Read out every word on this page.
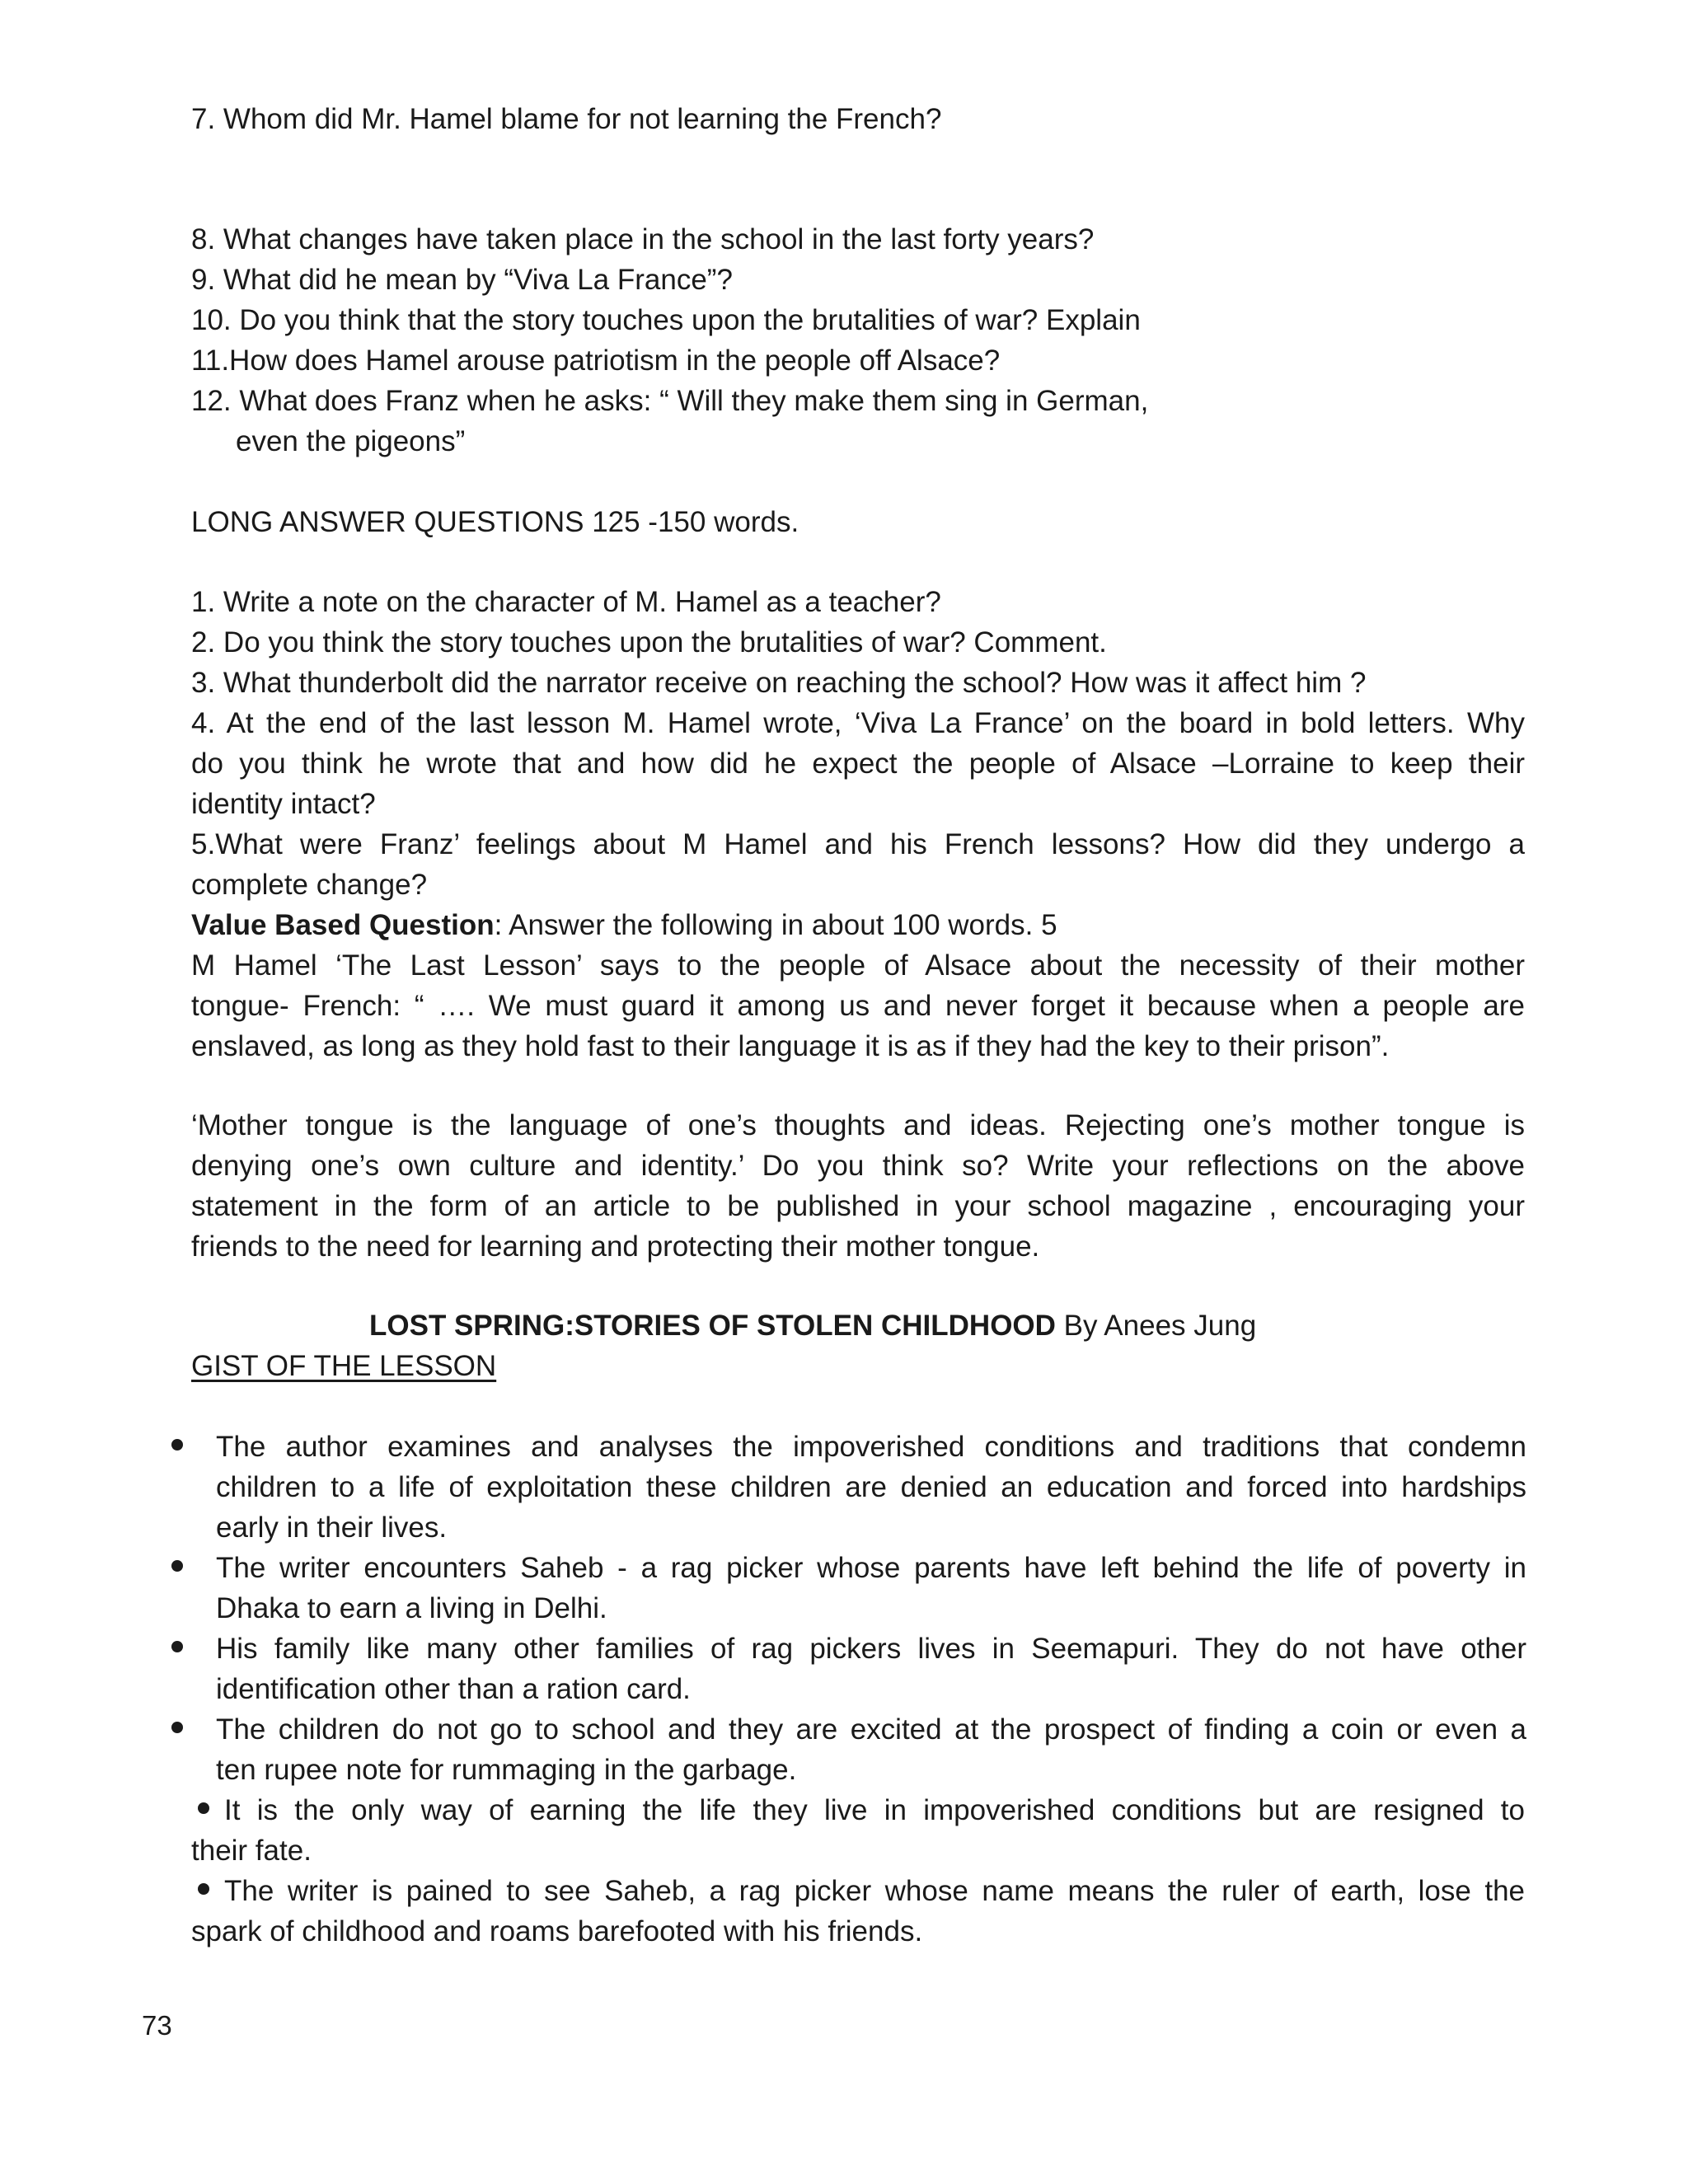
7. Whom did Mr. Hamel blame for not learning the French?
8. What changes have taken place in the school in the last forty years?
9. What did he mean by “Viva La France”?
10. Do you think that the story touches upon the brutalities of war? Explain
11.How does Hamel arouse patriotism in the people off Alsace?
12. What does Franz when he asks: “ Will they make them sing in German,
even the pigeons”
LONG ANSWER QUESTIONS 125 -150 words.
1. Write a note on the character of M. Hamel as a teacher?
2. Do you think the story touches upon the brutalities of war? Comment.
3. What thunderbolt did the narrator receive on reaching the school? How was it affect him ?
4. At the end of the last lesson M. Hamel wrote, ‘Viva La France’ on the board in bold letters. Why
do you think he wrote that and how did he expect the people of Alsace –Lorraine to keep their
identity intact?
5.What were Franz’ feelings about M Hamel and his French lessons? How did they undergo a
complete change?
Value Based Question: Answer the following in about 100 words. 5
M Hamel ‘The Last Lesson’ says to the people of Alsace about the necessity of their mother
tongue- French: “ …. We must guard it among us and never forget it because when a people are
enslaved, as long as they hold fast to their language it is as if they had the key to their prison”.
‘Mother tongue is the language of one’s thoughts and ideas. Rejecting one’s mother tongue is
denying one’s own culture and identity.’ Do you think so? Write your reflections on the above
statement in the form of an article to be published in your school magazine , encouraging your
friends to the need for learning and protecting their mother tongue.
LOST SPRING:STORIES OF STOLEN CHILDHOOD By Anees Jung
GIST OF THE LESSON
The author examines and analyses the impoverished conditions and traditions that condemn
children to a life of exploitation these children are denied an education and forced into hardships
early in their lives.
The writer encounters Saheb - a rag picker whose parents have left behind the life of poverty in
Dhaka to earn a living in Delhi.
His family like many other families of rag pickers lives in Seemapuri. They do not have other
identification other than a ration card.
The children do not go to school and they are excited at the prospect of finding a coin or even a
ten rupee note for rummaging in the garbage.
It is the only way of earning the life they live in impoverished conditions but are resigned to
their fate.
The writer is pained to see Saheb, a rag picker whose name means the ruler of earth, lose the
spark of childhood and roams barefooted with his friends.
73
